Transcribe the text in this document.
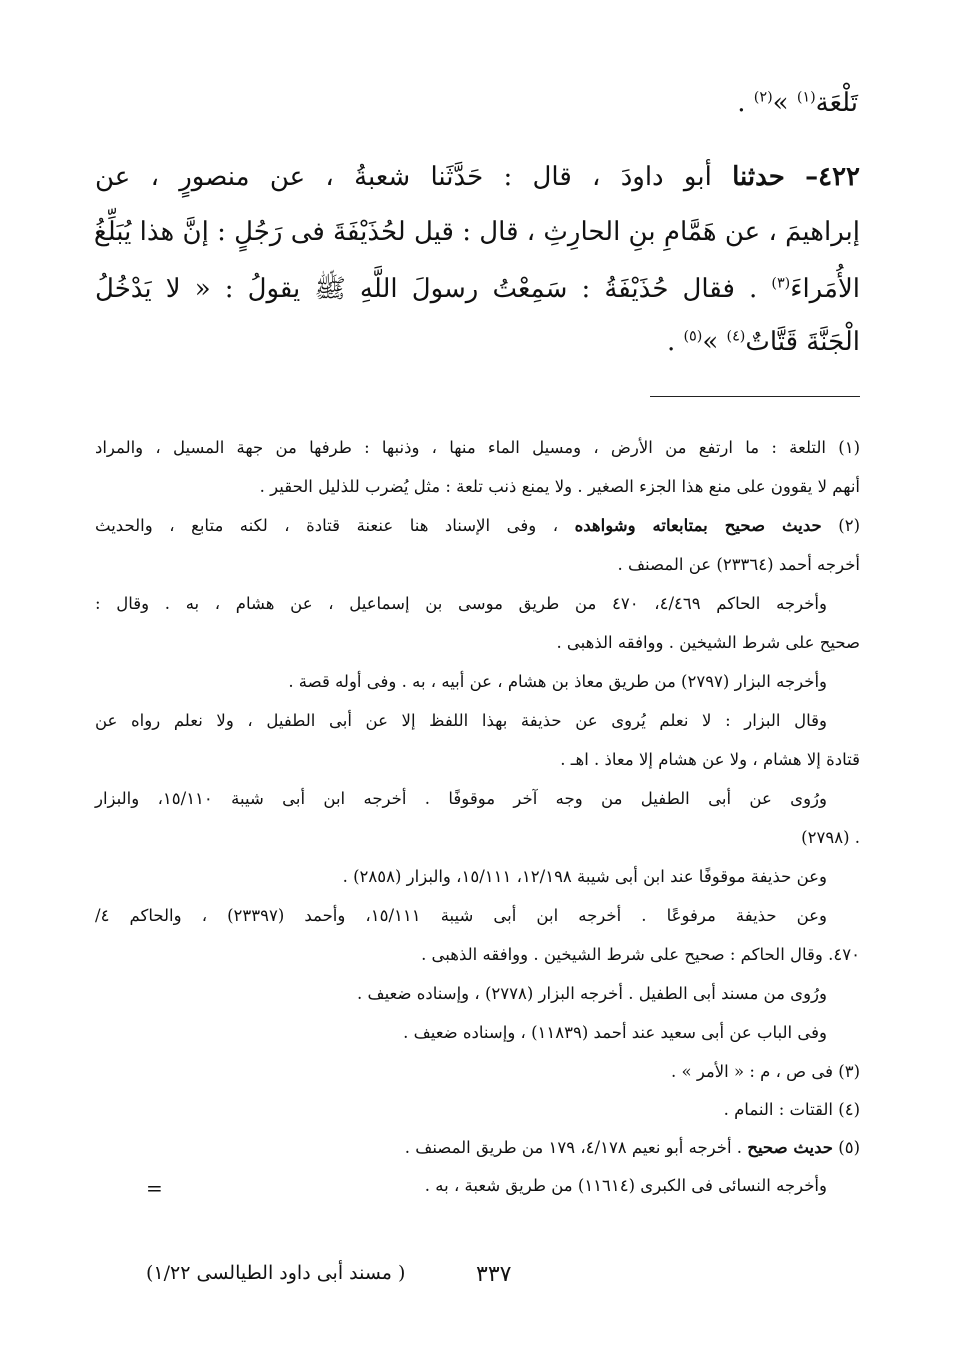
تَلْعَة$^{(١)}$ »$^{(٢)}$ .
٤٢٢– حدثنا أبو داودَ ، قال : حَدَّثَنا شعبةُ ، عن منصورٍ ، عن
إبراهيمَ ، عن هَمَّامِ بنِ الحارِثِ ، قال : قيل لحُذَيْفَةَ فى رَجُلٍ : إنَّ هذا يُبَلِّغُ
الأُمَراءَ$^{(٣)}$ . فقال حُذَيْفَةُ : سَمِعْتُ رسولَ اللَّهِ ﷺ يقولُ : « لا يَدْخُلُ
الْجَنَّةَ قَتَّاتٌ$^{(٤)}$ »$^{(٥)}$ .
(١) التلعة : ما ارتفع من الأرض ، ومسيل الماء منها ، وذنبها : طرفها من جهة المسيل ، والمراد
أنهم لا يقوون على منع هذا الجزء الصغير . ولا يمنع ذنب تلعة : مثل يُضرب للذليل الحقير .
(٢) حديث صحيح بمتابعاته وشواهده ، وفى الإسناد هنا عنعنة قتادة ، لكنه متابع ، والحديث
أخرجه أحمد (٢٣٣٦٤) عن المصنف .
وأخرجه الحاكم ٤/٤٦٩، ٤٧٠ من طريق موسى بن إسماعيل ، عن هشام ، به . وقال :
صحيح على شرط الشيخين . ووافقه الذهبى .
وأخرجه البزار (٢٧٩٧) من طريق معاذ بن هشام ، عن أبيه ، به . وفى أوله قصة .
وقال البزار : لا نعلم يُروى عن حذيفة بهذا اللفظ إلا عن أبى الطفيل ، ولا نعلم رواه عن
قتادة إلا هشام ، ولا عن هشام إلا معاذ . اهـ .
ورُوى عن أبى الطفيل من وجه آخر موقوفًا . أخرجه ابن أبى شيبة ١٥/١١٠، والبزار
. (٢٧٩٨)
وعن حذيفة موقوفًا عند ابن أبى شيبة ١٢/١٩٨، ١٥/١١١، والبزار (٢٨٥٨) .
وعن حذيفة مرفوعًا . أخرجه ابن أبى شيبة ١٥/١١١، وأحمد (٢٣٣٩٧) ، والحاكم ٤/
٤٧٠. وقال الحاكم : صحيح على شرط الشيخين . ووافقه الذهبى .
ورُوى من مسند أبى الطفيل . أخرجه البزار (٢٧٧٨) ، وإسناده ضعيف .
وفى الباب عن أبى سعيد عند أحمد (١١٨٣٩) ، وإسناده ضعيف .
(٣) فى ص ، م : « الأمر » .
(٤) القتات : النمام .
(٥) حديث صحيح . أخرجه أبو نعيم ٤/١٧٨، ١٧٩ من طريق المصنف .
وأخرجه النسائى فى الكبرى (١١٦١٤) من طريق شعبة ، به .
=
٣٣٧
( مسند أبى داود الطيالسى ١/٢٢)
